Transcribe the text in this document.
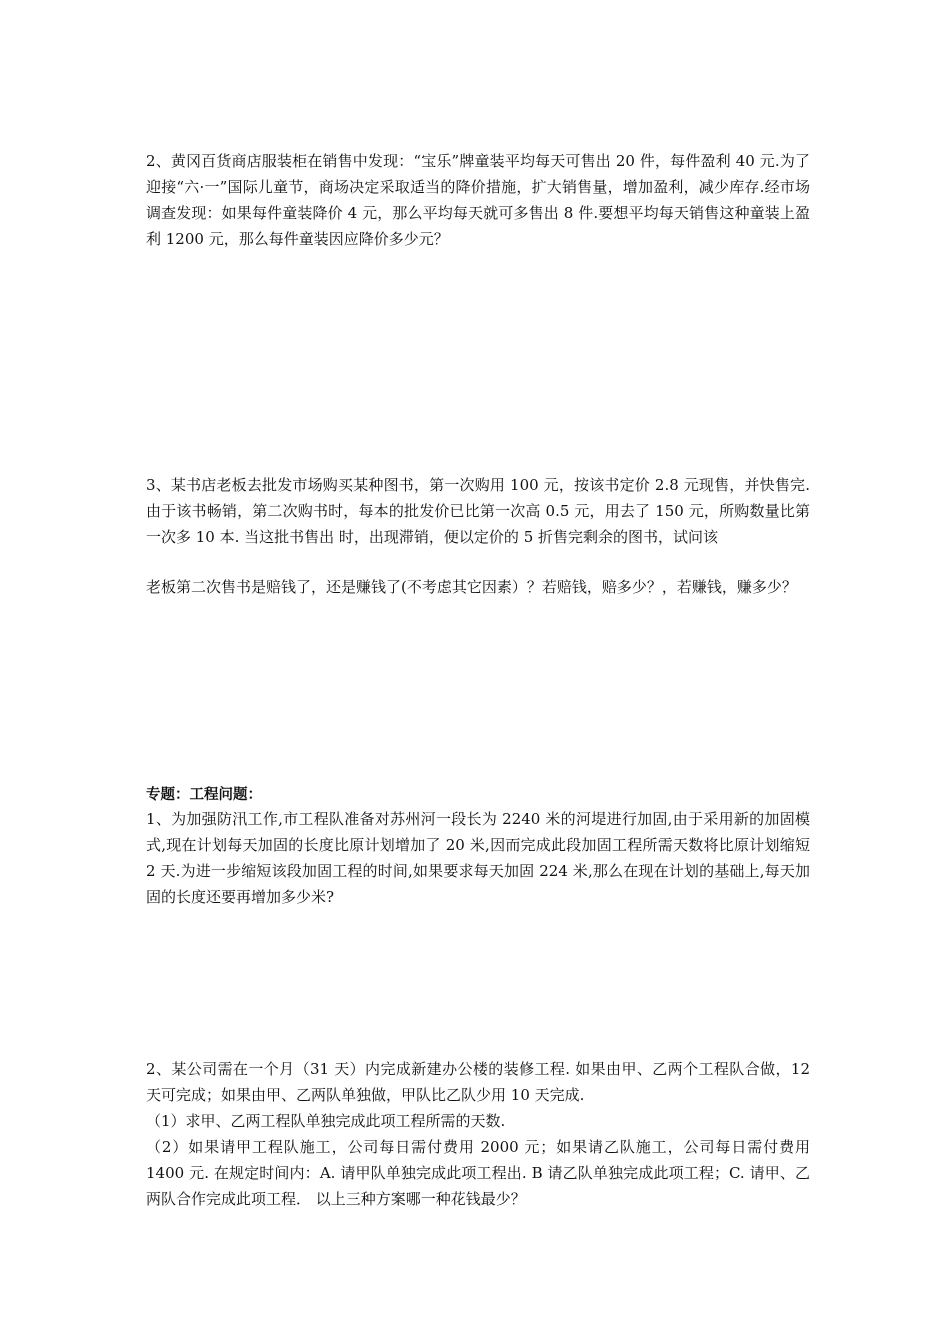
2、黄冈百货商店服装柜在销售中发现：“宝乐”牌童装平均每天可售出 20 件，每件盈利 40 元.为了迎接“六·一”国际儿童节，商场决定采取适当的降价措施，扩大销售量，增加盈利，减少库存.经市场调查发现：如果每件童装降价 4 元，那么平均每天就可多售出 8 件.要想平均每天销售这种童装上盈利 1200 元，那么每件童装因应降价多少元？

3、某书店老板去批发市场购买某种图书，第一次购用 100 元，按该书定价 2.8 元现售，并快售完. 由于该书畅销，第二次购书时，每本的批发价已比第一次高 0.5 元，用去了 150 元，所购数量比第一次多 10 本. 当这批书售出 时，出现滞销，便以定价的 5 折售完剩余的图书，试问该

老板第二次售书是赔钱了，还是赚钱了(不考虑其它因素）？若赔钱，赔多少？，若赚钱，赚多少？

专题：工程问题：

1、为加强防汛工作,市工程队准备对苏州河一段长为 2240 米的河堤进行加固,由于采用新的加固模式,现在计划每天加固的长度比原计划增加了 20 米,因而完成此段加固工程所需天数将比原计划缩短 2 天.为进一步缩短该段加固工程的时间,如果要求每天加固 224 米,那么在现在计划的基础上,每天加固的长度还要再增加多少米?

2、某公司需在一个月（31 天）内完成新建办公楼的装修工程. 如果由甲、乙两个工程队合做，12 天可完成；如果由甲、乙两队单独做，甲队比乙队少用 10 天完成.

（1）求甲、乙两工程队单独完成此项工程所需的天数.

（2）如果请甲工程队施工，公司每日需付费用 2000 元；如果请乙队施工，公司每日需付费用 1400 元. 在规定时间内：A. 请甲队单独完成此项工程出. B 请乙队单独完成此项工程；C. 请甲、乙两队合作完成此项工程． 以上三种方案哪一种花钱最少？
